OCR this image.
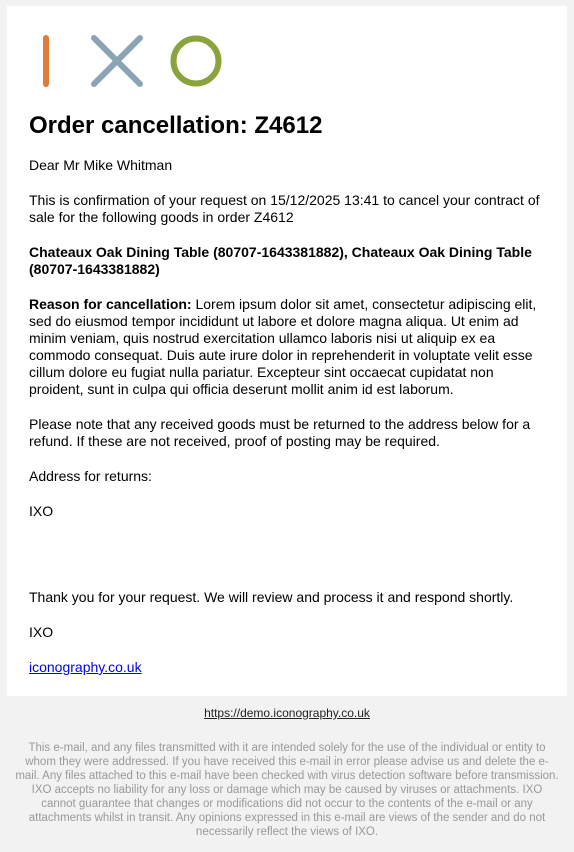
Order cancellation: Z4612

Dear Mr Mike Whitman

This is confirmation of your request on 15/12/2025 13:41 to cancel your contract of sale for the following goods in order Z4612

Chateaux Oak Dining Table (80707-1643381882), Chateaux Oak Dining Table (80707-1643381882)

Reason for cancellation: Lorem ipsum dolor sit amet, consectetur adipiscing elit, sed do eiusmod tempor incididunt ut labore et dolore magna aliqua. Ut enim ad minim veniam, quis nostrud exercitation ullamco laboris nisi ut aliquip ex ea commodo consequat. Duis aute irure dolor in reprehenderit in voluptate velit esse cillum dolore eu fugiat nulla pariatur. Excepteur sint occaecat cupidatat non proident, sunt in culpa qui officia deserunt mollit anim id est laborum.

Please note that any received goods must be returned to the address below for a refund. If these are not received, proof of posting may be required.

Address for returns:

IXO

Thank you for your request. We will review and process it and respond shortly.

IXO

iconography.co.uk

https://demo.iconography.co.uk
This e-mail, and any files transmitted with it are intended solely for the use of the individual or entity to whom they were addressed. If you have received this e-mail in error please advise us and delete the e-mail. Any files attached to this e-mail have been checked with virus detection software before transmission. IXO accepts no liability for any loss or damage which may be caused by viruses or attachments. IXO cannot guarantee that changes or modifications did not occur to the contents of the e-mail or any attachments whilst in transit. Any opinions expressed in this e-mail are views of the sender and do not necessarily reflect the views of IXO.
